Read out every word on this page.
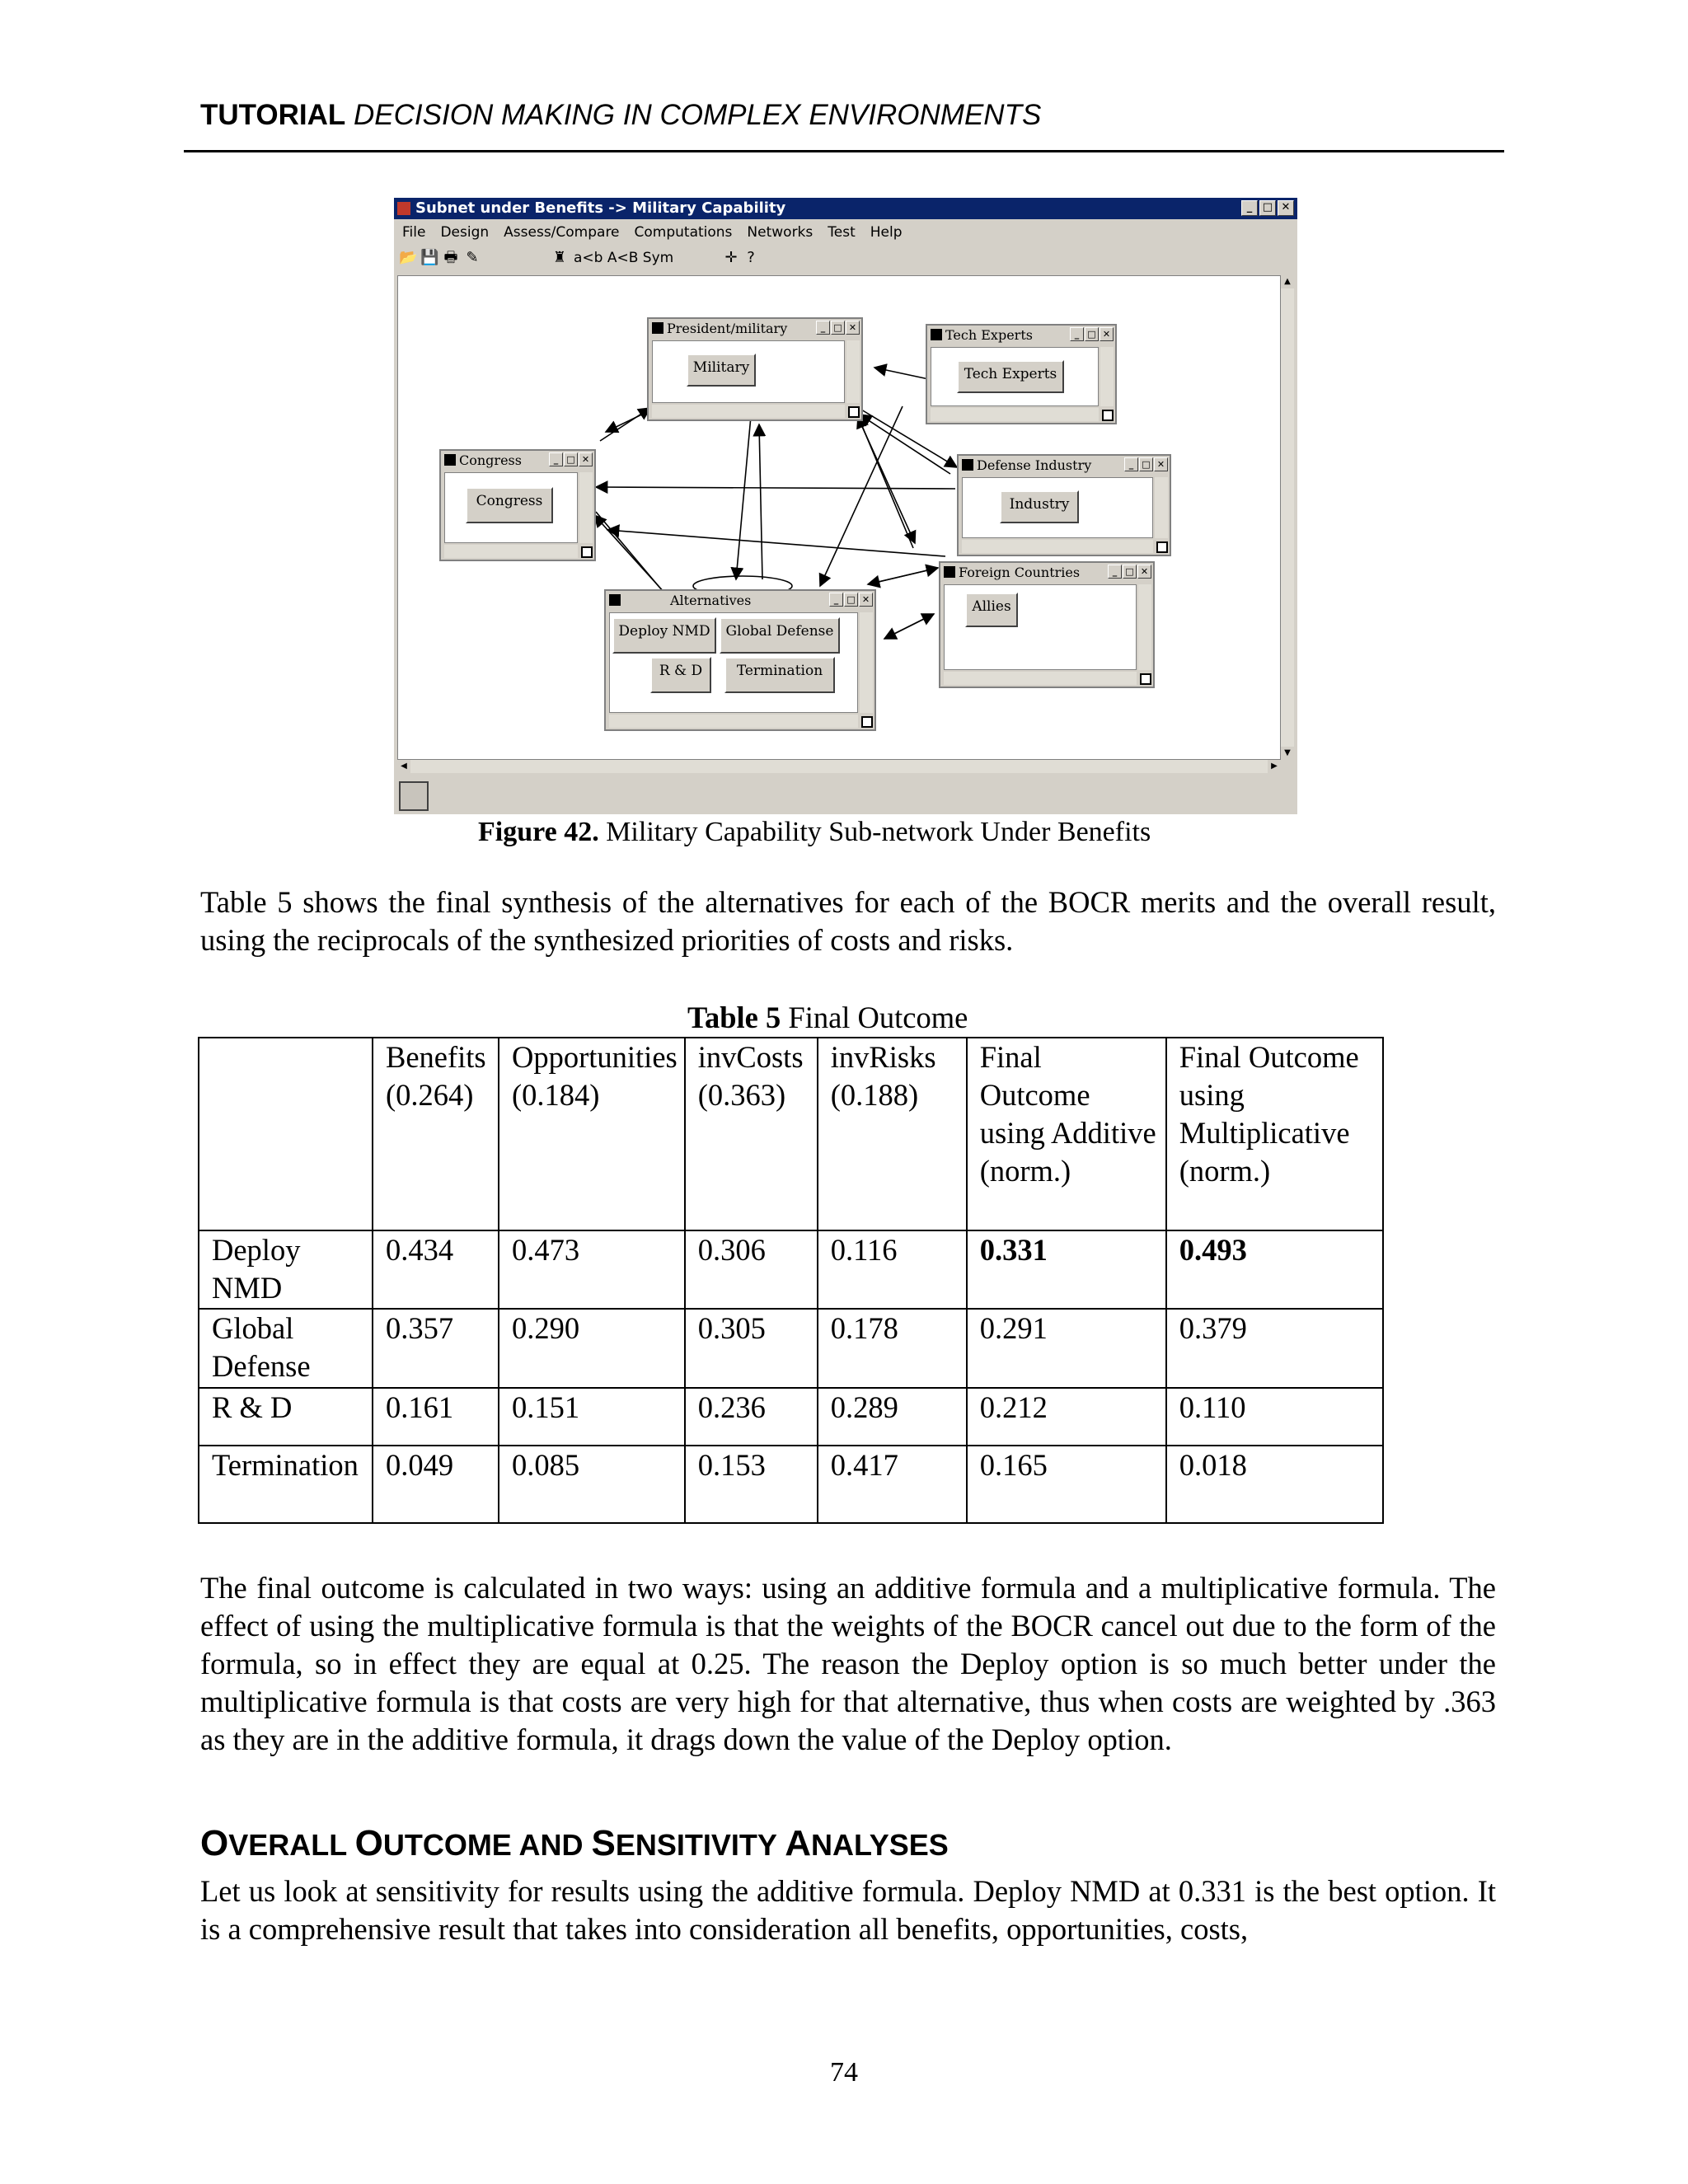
TUTORIAL DECISION MAKING IN COMPLEX ENVIRONMENTS
Subnet under Benefits -> Military Capability	_ □ ✕
File Design Assess/Compare Computations Networks Test Help
📂 💾 🖶 ✎	♜ a<b A<B Sym	✛ ?
President/military	_ □ ✕
Military
Tech Experts	_ □ ✕
Tech Experts
Congress	_ □ ✕
Congress
Defense Industry	_ □ ✕
Industry
Foreign Countries	_ □ ✕
Allies
Alternatives	_ □ ✕
Deploy NMD	Global Defense
R & D	Termination
▲
▼
◀	▶
Figure 42. Military Capability Sub-network Under Benefits

Table 5 shows the final synthesis of the alternatives for each of the BOCR merits and the overall result, using the reciprocals of the synthesized priorities of costs and risks.

Table 5 Final Outcome
	Benefits (0.264)	Opportunities (0.184)	invCosts (0.363)	invRisks (0.188)	Final Outcome using Additive (norm.)	Final Outcome using Multiplicative (norm.)
Deploy NMD	0.434	0.473	0.306	0.116	0.331	0.493
Global Defense	0.357	0.290	0.305	0.178	0.291	0.379
R & D	0.161	0.151	0.236	0.289	0.212	0.110
Termination	0.049	0.085	0.153	0.417	0.165	0.018

The final outcome is calculated in two ways: using an additive formula and a multiplicative formula. The effect of using the multiplicative formula is that the weights of the BOCR cancel out due to the form of the formula, so in effect they are equal at 0.25. The reason the Deploy option is so much better under the multiplicative formula is that costs are very high for that alternative, thus when costs are weighted by .363 as they are in the additive formula, it drags down the value of the Deploy option.

OVERALL OUTCOME AND SENSITIVITY ANALYSES

Let us look at sensitivity for results using the additive formula. Deploy NMD at 0.331 is the best option. It is a comprehensive result that takes into consideration all benefits, opportunities, costs,

74
